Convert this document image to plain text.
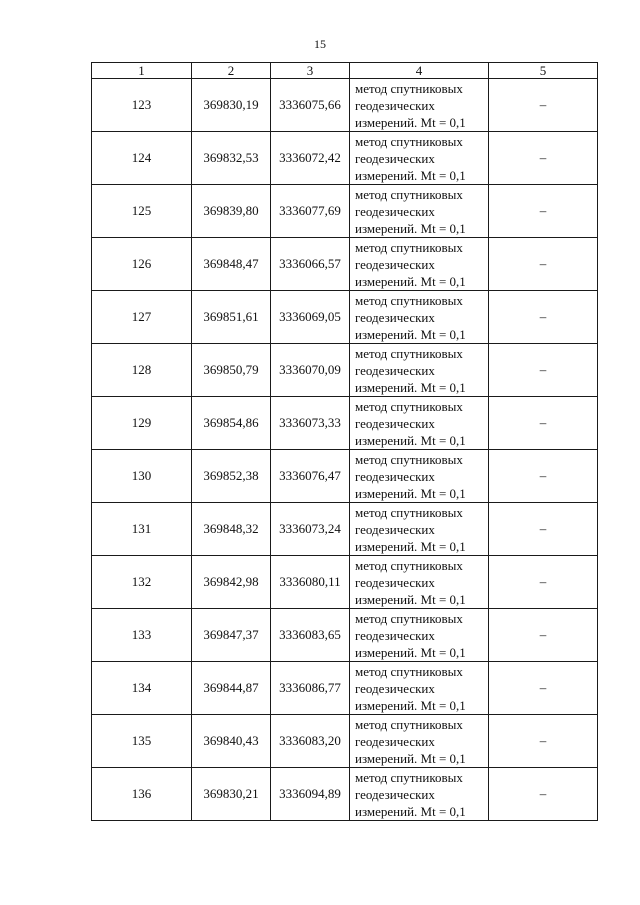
15
1	2	3	4	5
123	369830,19	3336075,66	метод спутниковых
геодезических
измерений. Mt = 0,1	–
124	369832,53	3336072,42	метод спутниковых
геодезических
измерений. Mt = 0,1	–
125	369839,80	3336077,69	метод спутниковых
геодезических
измерений. Mt = 0,1	–
126	369848,47	3336066,57	метод спутниковых
геодезических
измерений. Mt = 0,1	–
127	369851,61	3336069,05	метод спутниковых
геодезических
измерений. Mt = 0,1	–
128	369850,79	3336070,09	метод спутниковых
геодезических
измерений. Mt = 0,1	–
129	369854,86	3336073,33	метод спутниковых
геодезических
измерений. Mt = 0,1	–
130	369852,38	3336076,47	метод спутниковых
геодезических
измерений. Mt = 0,1	–
131	369848,32	3336073,24	метод спутниковых
геодезических
измерений. Mt = 0,1	–
132	369842,98	3336080,11	метод спутниковых
геодезических
измерений. Mt = 0,1	–
133	369847,37	3336083,65	метод спутниковых
геодезических
измерений. Mt = 0,1	–
134	369844,87	3336086,77	метод спутниковых
геодезических
измерений. Mt = 0,1	–
135	369840,43	3336083,20	метод спутниковых
геодезических
измерений. Mt = 0,1	–
136	369830,21	3336094,89	метод спутниковых
геодезических
измерений. Mt = 0,1	–
